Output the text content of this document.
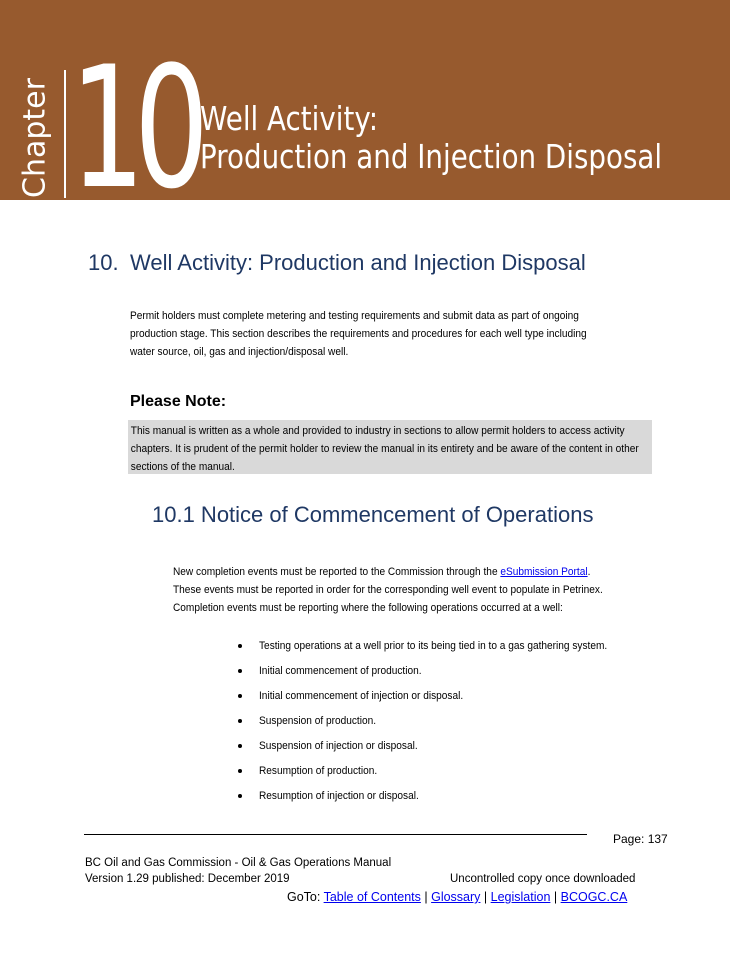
Chapter 10 Well Activity:
Production and Injection Disposal
10. Well Activity: Production and Injection Disposal
Permit holders must complete metering and testing requirements and submit data as part of ongoing production stage. This section describes the requirements and procedures for each well type including water source, oil, gas and injection/disposal well.
Please Note:
This manual is written as a whole and provided to industry in sections to allow permit holders to access activity chapters. It is prudent of the permit holder to review the manual in its entirety and be aware of the content in other sections of the manual.
10.1 Notice of Commencement of Operations
New completion events must be reported to the Commission through the eSubmission Portal. These events must be reported in order for the corresponding well event to populate in Petrinex. Completion events must be reporting where the following operations occurred at a well:
Testing operations at a well prior to its being tied in to a gas gathering system.
Initial commencement of production.
Initial commencement of injection or disposal.
Suspension of production.
Suspension of injection or disposal.
Resumption of production.
Resumption of injection or disposal.
Page: 137
BC Oil and Gas Commission - Oil & Gas Operations Manual
Version 1.29 published: December 2019	Uncontrolled copy once downloaded
GoTo: Table of Contents | Glossary | Legislation | BCOGC.CA
